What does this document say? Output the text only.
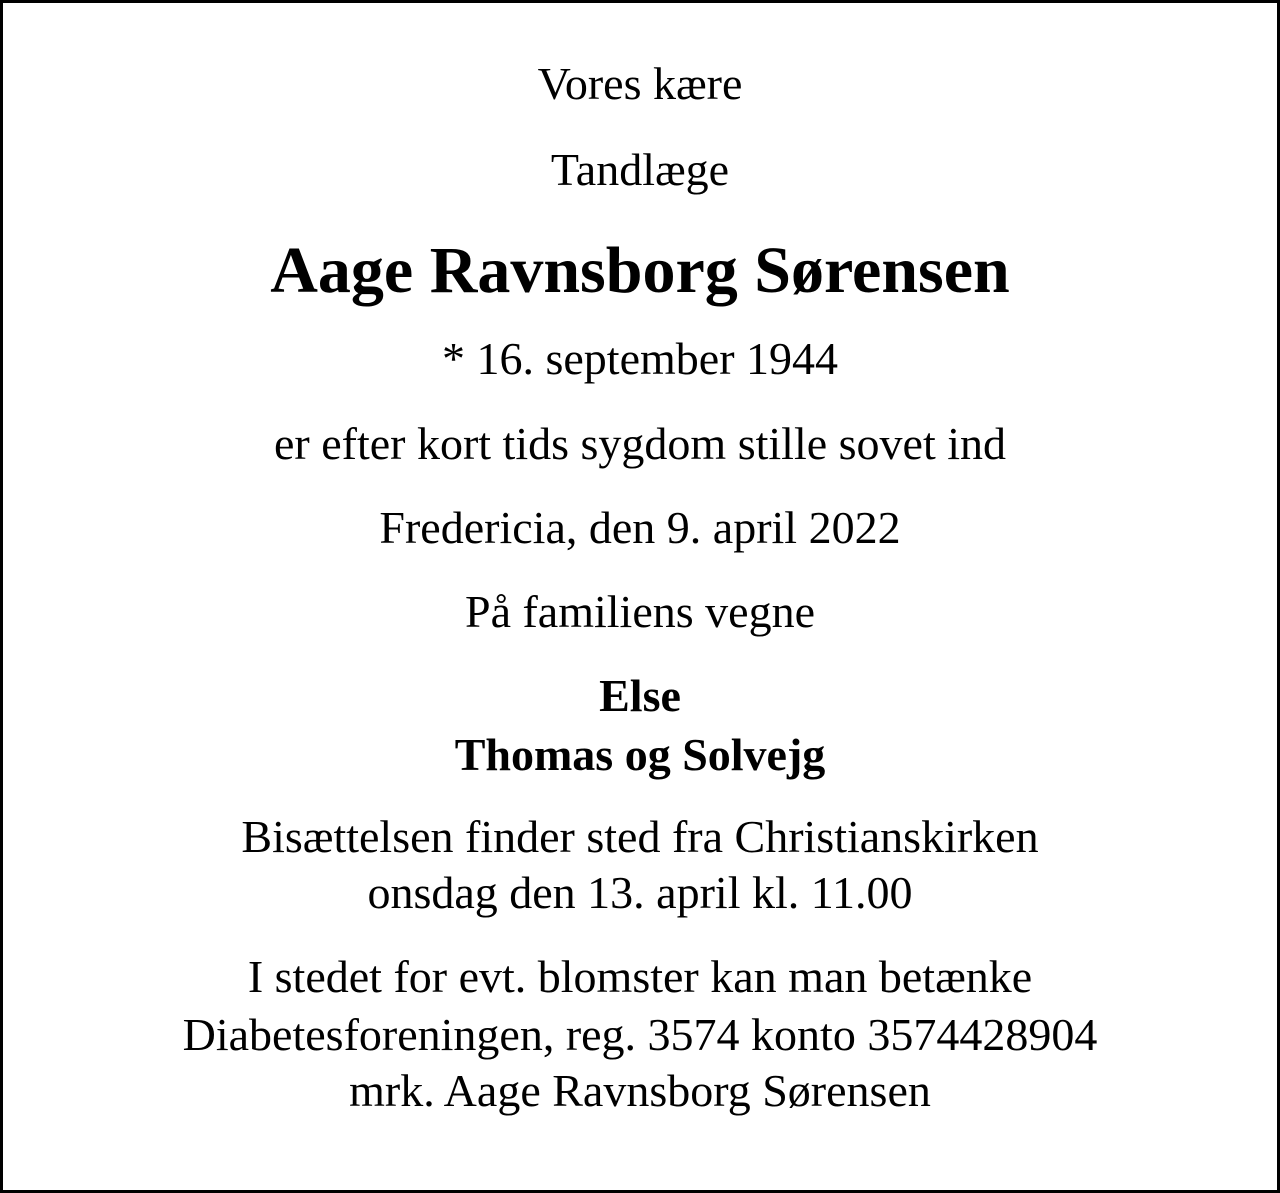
Vores kære

Tandlæge

Aage Ravnsborg Sørensen

* 16. september 1944

er efter kort tids sygdom stille sovet ind

Fredericia, den 9. april 2022

På familiens vegne

Else

Thomas og Solvejg

Bisættelsen finder sted fra Christianskirken

onsdag den 13. april kl. 11.00

I stedet for evt. blomster kan man betænke

Diabetesforeningen, reg. 3574 konto 3574428904

mrk. Aage Ravnsborg Sørensen
